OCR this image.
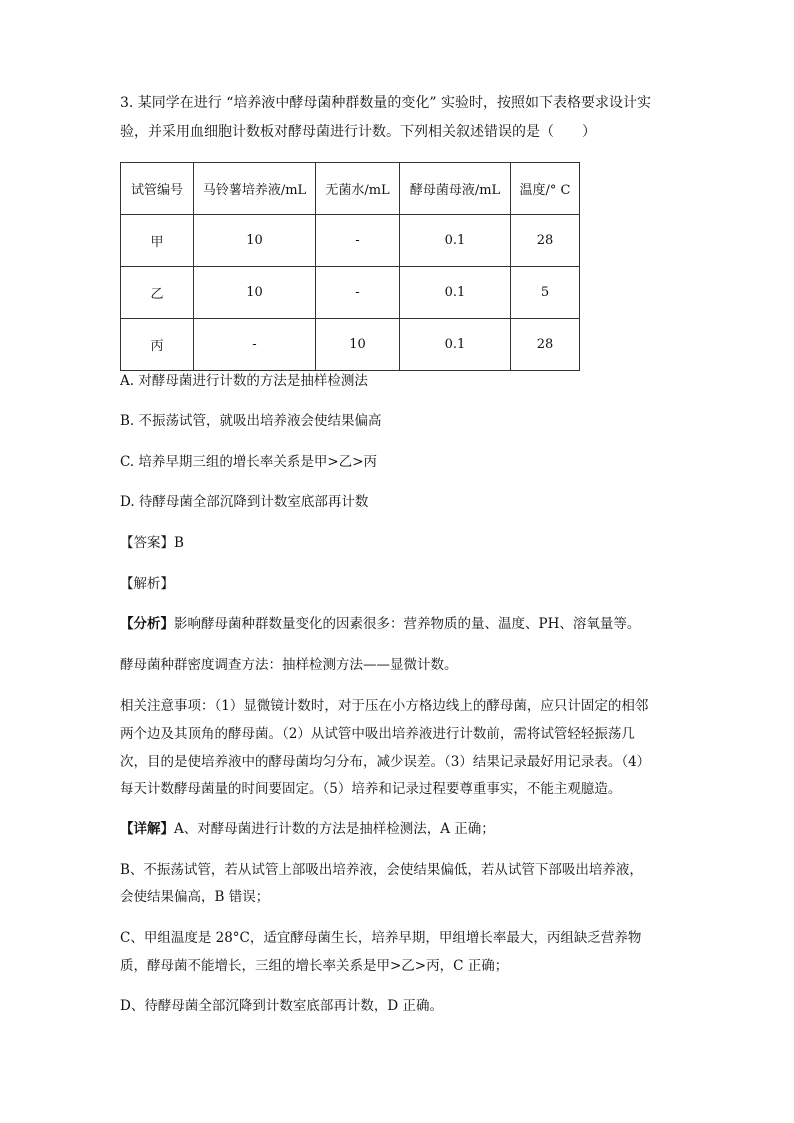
3. 某同学在进行 “培养液中酵母菌种群数量的变化” 实验时，按照如下表格要求设计实
验，并采用血细胞计数板对酵母菌进行计数。下列相关叙述错误的是（　　）
试管编号	马铃薯培养液/mL	无菌水/mL	酵母菌母液/mL	温度/° C
甲	10	-	0.1	28
乙	10	-	0.1	5
丙	-	10	0.1	28
A. 对酵母菌进行计数的方法是抽样检测法
B. 不振荡试管，就吸出培养液会使结果偏高
C. 培养早期三组的增长率关系是甲>乙>丙
D. 待酵母菌全部沉降到计数室底部再计数
【答案】B
【解析】
【分析】影响酵母菌种群数量变化的因素很多：营养物质的量、温度、PH、溶氧量等。
酵母菌种群密度调查方法：抽样检测方法——显微计数。
相关注意事项：（1）显微镜计数时，对于压在小方格边线上的酵母菌，应只计固定的相邻
两个边及其顶角的酵母菌。（2）从试管中吸出培养液进行计数前，需将试管轻轻振荡几
次，目的是使培养液中的酵母菌均匀分布，减少误差。（3）结果记录最好用记录表。（4）
每天计数酵母菌量的时间要固定。（5）培养和记录过程要尊重事实，不能主观臆造。
【详解】A、对酵母菌进行计数的方法是抽样检测法，A 正确；
B、不振荡试管，若从试管上部吸出培养液，会使结果偏低，若从试管下部吸出培养液，
会使结果偏高，B 错误；
C、甲组温度是 28°C，适宜酵母菌生长，培养早期，甲组增长率最大，丙组缺乏营养物
质，酵母菌不能增长，三组的增长率关系是甲>乙>丙，C 正确；
D、待酵母菌全部沉降到计数室底部再计数，D 正确。
